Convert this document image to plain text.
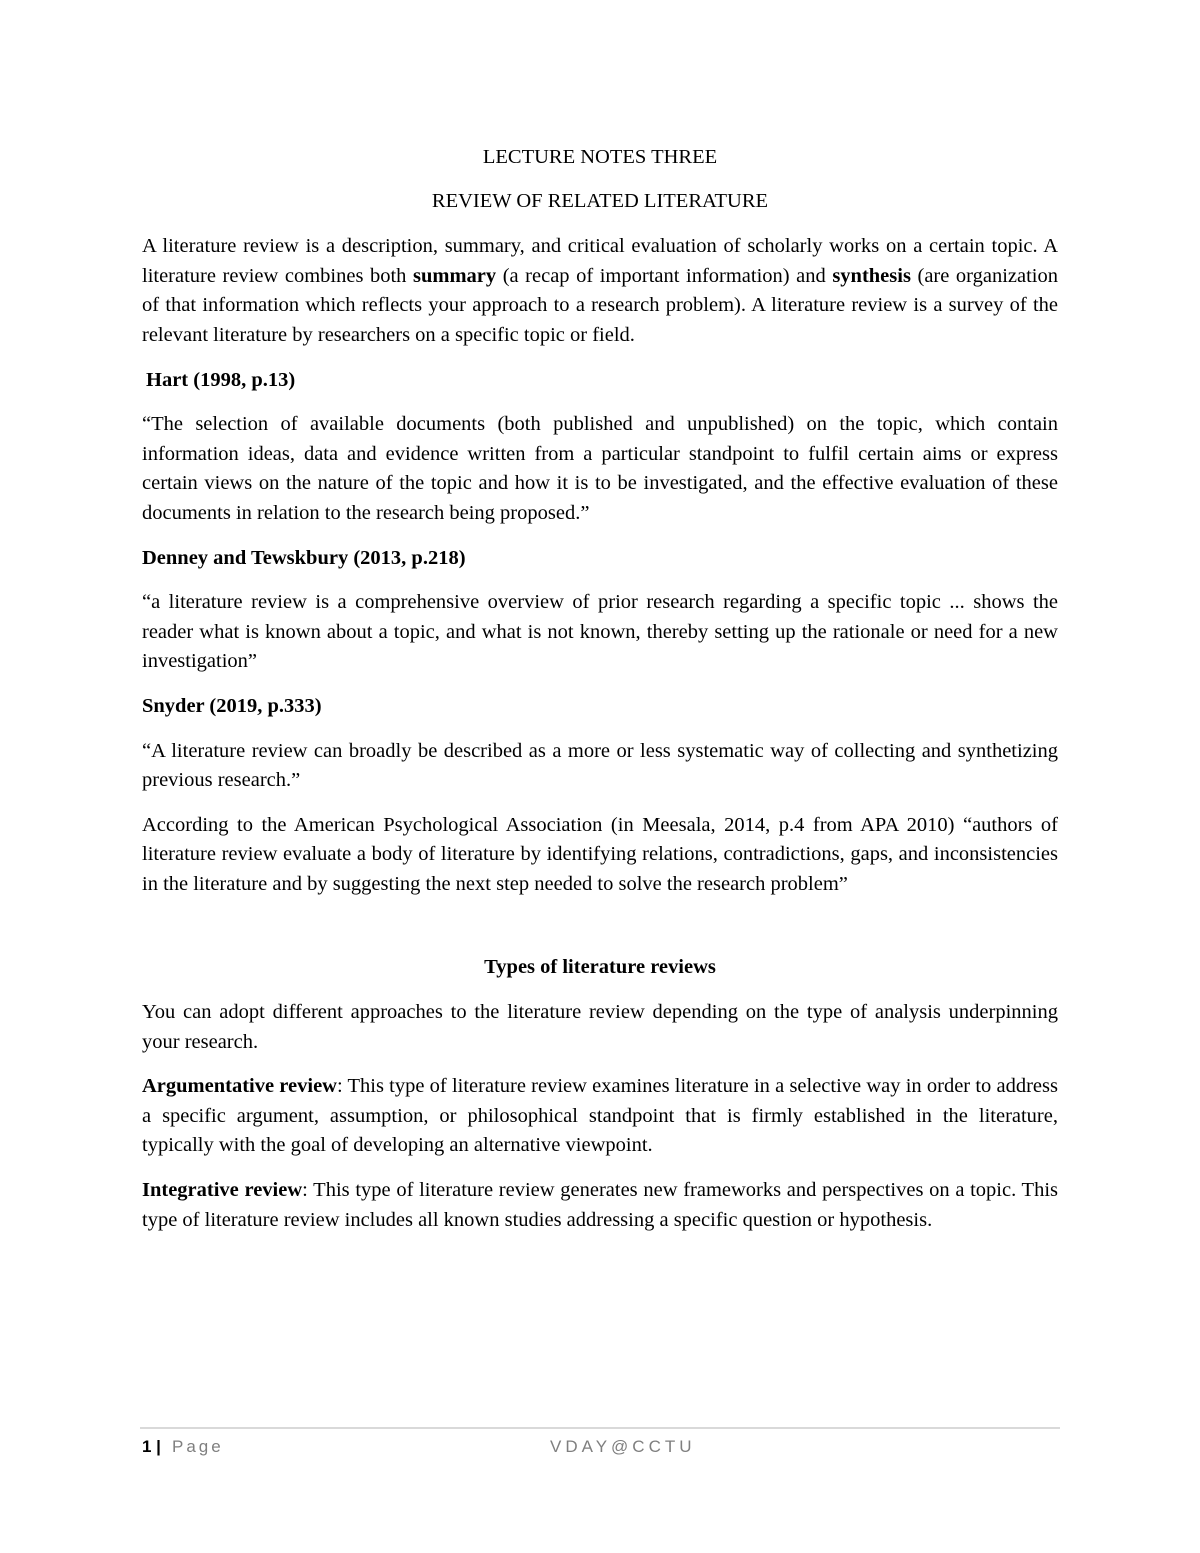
LECTURE NOTES THREE
REVIEW OF RELATED LITERATURE

A literature review is a description, summary, and critical evaluation of scholarly works on a certain topic. A literature review combines both summary (a recap of important information) and synthesis (are organization of that information which reflects your approach to a research problem). A literature review is a survey of the relevant literature by researchers on a specific topic or field.

Hart (1998, p.13)

“The selection of available documents (both published and unpublished) on the topic, which contain information ideas, data and evidence written from a particular standpoint to fulfil certain aims or express certain views on the nature of the topic and how it is to be investigated, and the effective evaluation of these documents in relation to the research being proposed.”

Denney and Tewskbury (2013, p.218)

“a literature review is a comprehensive overview of prior research regarding a specific topic ... shows the reader what is known about a topic, and what is not known, thereby setting up the rationale or need for a new investigation”

Snyder (2019, p.333)

“A literature review can broadly be described as a more or less systematic way of collecting and synthetizing previous research.”

According to the American Psychological Association (in Meesala, 2014, p.4 from APA 2010) “authors of literature review evaluate a body of literature by identifying relations, contradictions, gaps, and inconsistencies in the literature and by suggesting the next step needed to solve the research problem”

Types of literature reviews

You can adopt different approaches to the literature review depending on the type of analysis underpinning your research.

Argumentative review: This type of literature review examines literature in a selective way in order to address a specific argument, assumption, or philosophical standpoint that is firmly established in the literature, typically with the goal of developing an alternative viewpoint.

Integrative review: This type of literature review generates new frameworks and perspectives on a topic. This type of literature review includes all known studies addressing a specific question or hypothesis.

1 | Page	VDAY@CCTU
